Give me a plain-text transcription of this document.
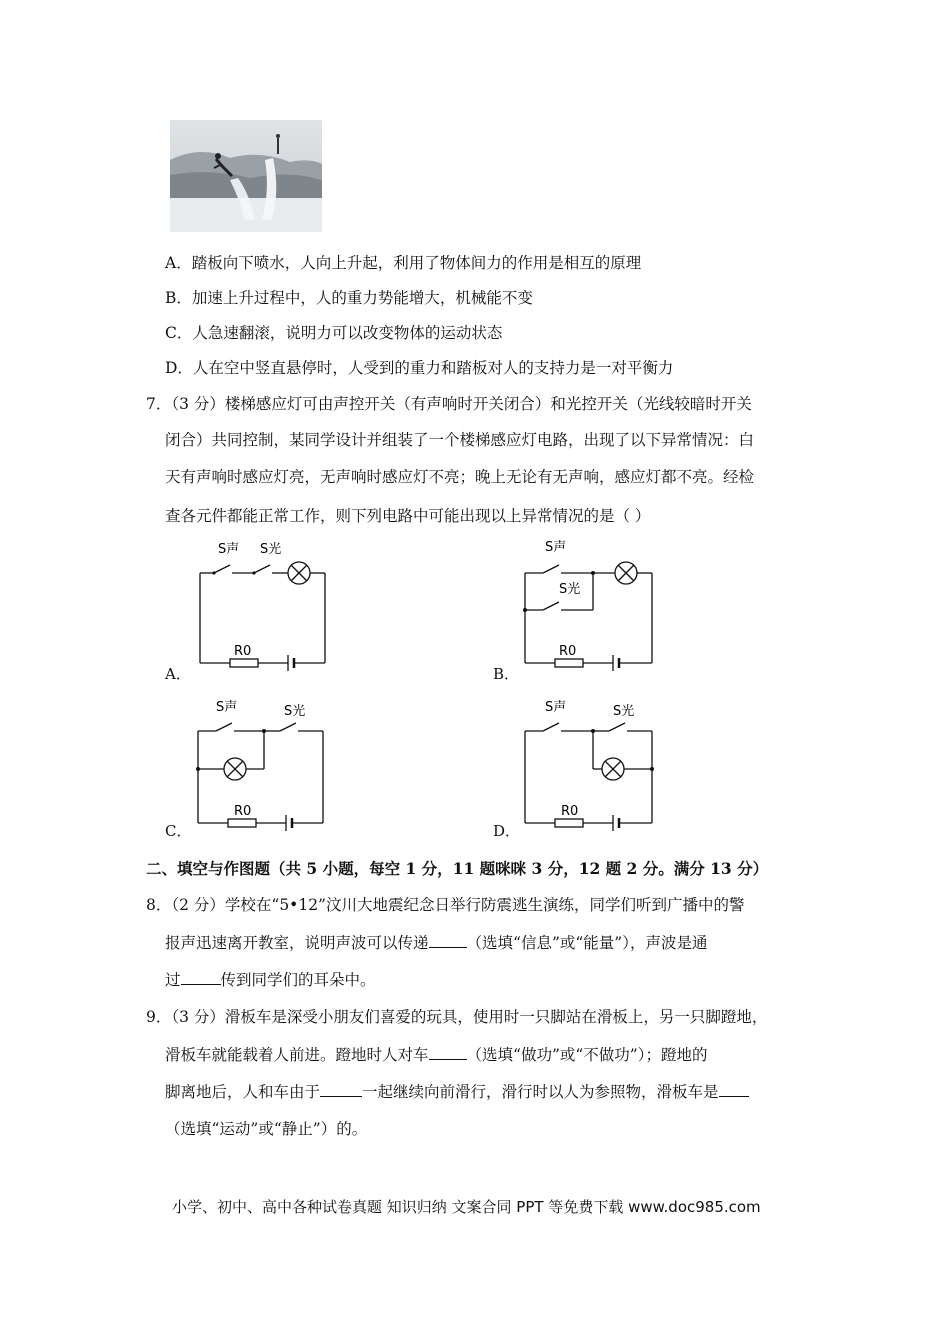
A．踏板向下喷水，人向上升起，利用了物体间力的作用是相互的原理
B．加速上升过程中，人的重力势能增大，机械能不变
C．人急速翻滚，说明力可以改变物体的运动状态
D．人在空中竖直悬停时，人受到的重力和踏板对人的支持力是一对平衡力
7．（3 分）楼梯感应灯可由声控开关（有声响时开关闭合）和光控开关（光线较暗时开关
闭合）共同控制，某同学设计并组装了一个楼梯感应灯电路，出现了以下异常情况：白
天有声响时感应灯亮，无声响时感应灯不亮；晚上无论有无声响，感应灯都不亮。经检
查各元件都能正常工作，则下列电路中可能出现以上异常情况的是（ ）
S声 S光
R0
A．
S声
S光
R0
B．
S声	S光
R0
C．
S声	S光
R0
D．
二、填空与作图题（共 5 小题，每空 1 分，11 题咪咪 3 分，12 题 2 分。满分 13 分）
8．（2 分）学校在“5•12”汶川大地震纪念日举行防震逃生演练，同学们听到广播中的警
报声迅速离开教室，说明声波可以传递 （选填“信息”或“能量”），声波是通
过	传到同学们的耳朵中。
9．（3 分）滑板车是深受小朋友们喜爱的玩具，使用时一只脚站在滑板上，另一只脚蹬地，
滑板车就能载着人前进。蹬地时人对车 （选填“做功”或“不做功”）；蹬地的
脚离地后，人和车由于	一起继续向前滑行，滑行时以人为参照物，滑板车是
（选填“运动”或“静止”）的。
小学、初中、高中各种试卷真题 知识归纳 文案合同 PPT 等免费下载 www.doc985.com
